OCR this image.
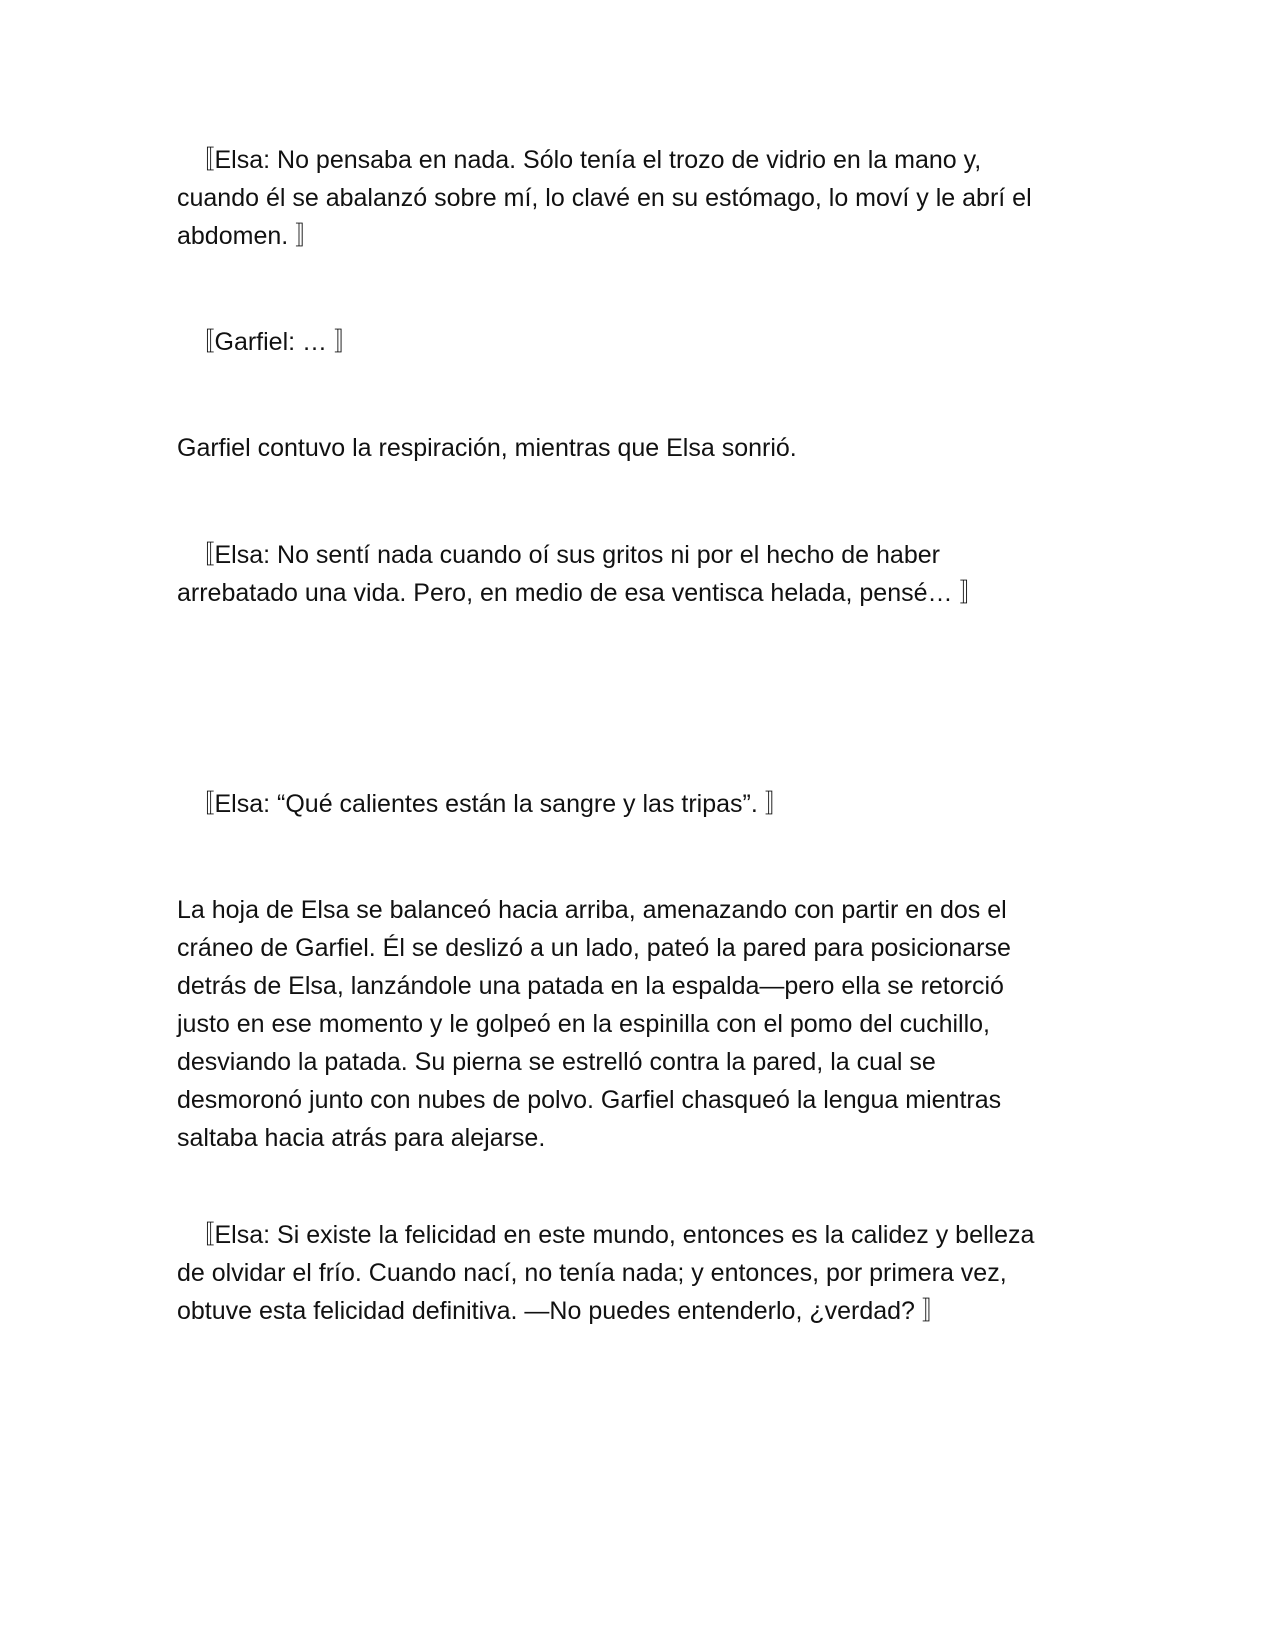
　〚Elsa: No pensaba en nada. Sólo tenía el trozo de vidrio en la mano y,
cuando él se abalanzó sobre mí, lo clavé en su estómago, lo moví y le abrí el
abdomen. 〛
　〚Garfiel: … 〛
Garfiel contuvo la respiración, mientras que Elsa sonrió.
　〚Elsa: No sentí nada cuando oí sus gritos ni por el hecho de haber
arrebatado una vida. Pero, en medio de esa ventisca helada, pensé… 〛
　〚Elsa: “Qué calientes están la sangre y las tripas”. 〛
La hoja de Elsa se balanceó hacia arriba, amenazando con partir en dos el
cráneo de Garfiel. Él se deslizó a un lado, pateó la pared para posicionarse
detrás de Elsa, lanzándole una patada en la espalda—pero ella se retorció
justo en ese momento y le golpeó en la espinilla con el pomo del cuchillo,
desviando la patada. Su pierna se estrelló contra la pared, la cual se
desmoronó junto con nubes de polvo. Garfiel chasqueó la lengua mientras
saltaba hacia atrás para alejarse.
　〚Elsa: Si existe la felicidad en este mundo, entonces es la calidez y belleza
de olvidar el frío. Cuando nací, no tenía nada; y entonces, por primera vez,
obtuve esta felicidad definitiva. —No puedes entenderlo, ¿verdad? 〛
